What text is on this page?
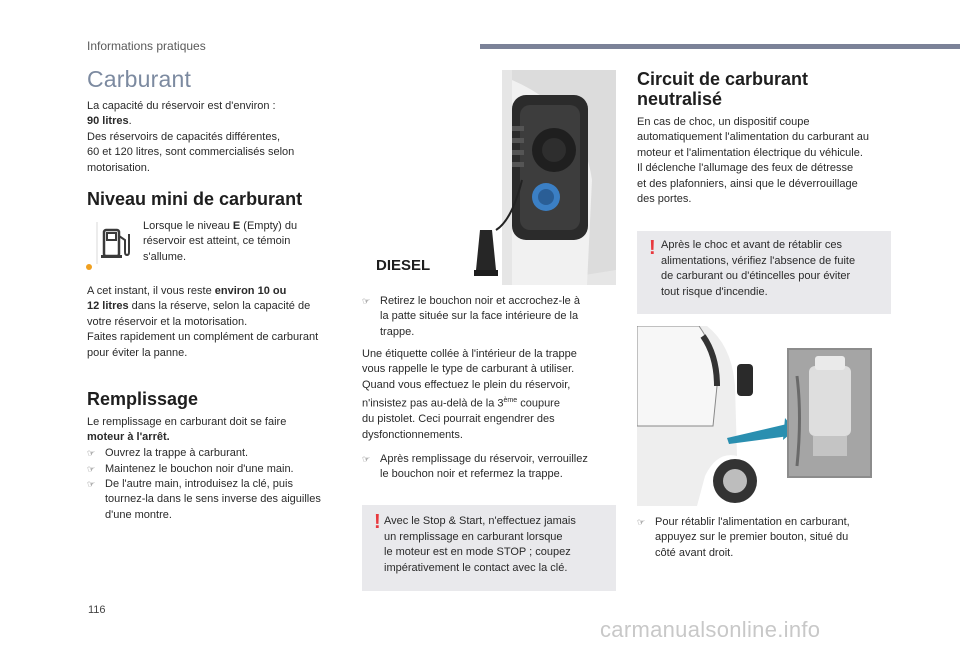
Informations pratiques
Carburant
La capacité du réservoir est d'environ :
90 litres.
Des réservoirs de capacités différentes,
60 et 120 litres, sont commercialisés selon
motorisation.
Niveau mini de carburant
Lorsque le niveau E (Empty) du
réservoir est atteint, ce témoin
s'allume.
A cet instant, il vous reste environ 10 ou
12 litres dans la réserve, selon la capacité de
votre réservoir et la motorisation.
Faites rapidement un complément de carburant
pour éviter la panne.
Remplissage
Le remplissage en carburant doit se faire
moteur à l'arrêt.
☞ Ouvrez la trappe à carburant.
☞ Maintenez le bouchon noir d'une main.
☞ De l'autre main, introduisez la clé, puis
tournez-la dans le sens inverse des aiguilles
d'une montre.
DIESEL
☞ Retirez le bouchon noir et accrochez-le à
la patte située sur la face intérieure de la
trappe.
Une étiquette collée à l'intérieur de la trappe
vous rappelle le type de carburant à utiliser.
Quand vous effectuez le plein du réservoir,
n'insistez pas au-delà de la 3ème coupure
du pistolet. Ceci pourrait engendrer des
dysfonctionnements.
☞ Après remplissage du réservoir, verrouillez
le bouchon noir et refermez la trappe.
! Avec le Stop & Start, n'effectuez jamais
un remplissage en carburant lorsque
le moteur est en mode STOP ; coupez
impérativement le contact avec la clé.
Circuit de carburant
neutralisé
En cas de choc, un dispositif coupe
automatiquement l'alimentation du carburant au
moteur et l'alimentation électrique du véhicule.
Il déclenche l'allumage des feux de détresse
et des plafonniers, ainsi que le déverrouillage
des portes.
! Après le choc et avant de rétablir ces
alimentations, vérifiez l'absence de fuite
de carburant ou d'étincelles pour éviter
tout risque d'incendie.
☞ Pour rétablir l'alimentation en carburant,
appuyez sur le premier bouton, situé du
côté avant droit.
116
carmanualsonline.info
